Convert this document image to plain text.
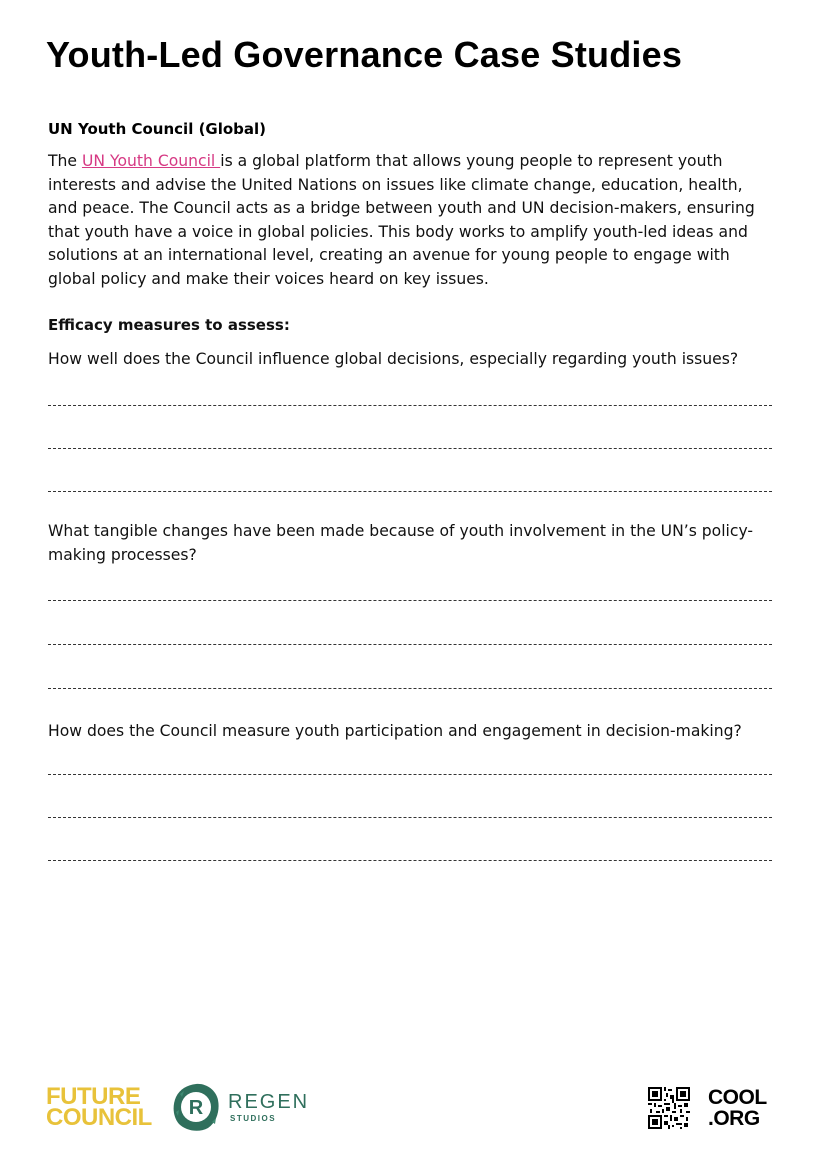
Youth-Led Governance Case Studies
UN Youth Council (Global)

The UN Youth Council is a global platform that allows young people to represent youth interests and advise the United Nations on issues like climate change, education, health, and peace. The Council acts as a bridge between youth and UN decision-makers, ensuring that youth have a voice in global policies. This body works to amplify youth-led ideas and solutions at an international level, creating an avenue for young people to engage with global policy and make their voices heard on key issues.

Efficacy measures to assess:

How well does the Council influence global decisions, especially regarding youth issues?

What tangible changes have been made because of youth involvement in the UN’s policy-making processes?

How does the Council measure youth participation and engagement in decision-making?

FUTURE
COUNCIL R REGEN
STUDIOS
COOL
.ORG
